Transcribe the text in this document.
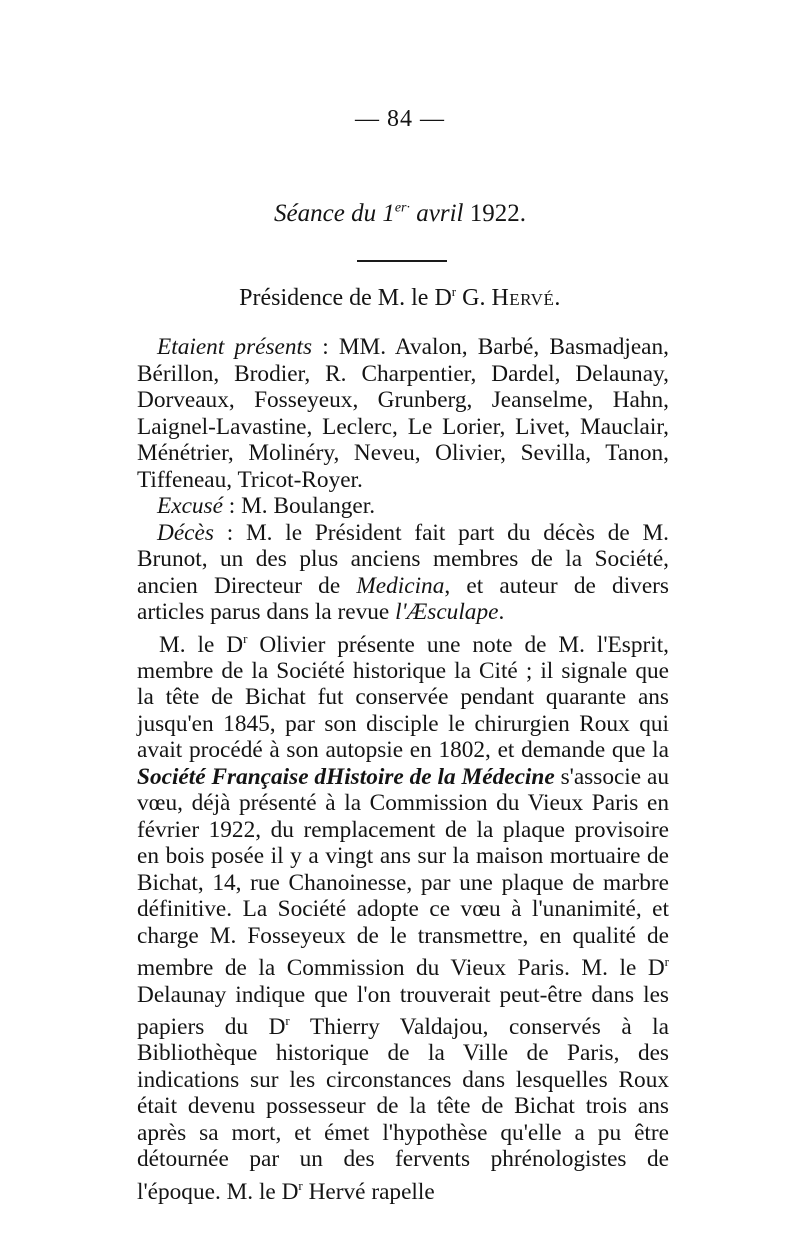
— 84 —
Séance du $1^{er\cdot}$ avril 1922.
Présidence de M. le $D^r$ G. Hervé.

Etaient présents : MM. Avalon, Barbé, Basmadjean, Bérillon, Brodier, R. Charpentier, Dardel, Delaunay, Dorveaux, Fosseyeux, Grunberg, Jeanselme, Hahn, Laignel-Lavastine, Leclerc, Le Lorier, Livet, Mauclair, Ménétrier, Molinéry, Neveu, Olivier, Sevilla, Tanon, Tiffeneau, Tricot-Royer.

Excusé : M. Boulanger.

Décès : M. le Président fait part du décès de M. Brunot, un des plus anciens membres de la Société, ancien Directeur de Medicina, et auteur de divers articles parus dans la revue l'Æsculape.

M. le $D^r$ Olivier présente une note de M. l'Esprit, membre de la Société historique la Cité ; il signale que la tête de Bichat fut conservée pendant quarante ans jusqu'en 1845, par son disciple le chirurgien Roux qui avait procédé à son autopsie en 1802, et demande que la Société Française dHistoire de la Médecine s'associe au vœu, déjà présenté à la Commission du Vieux Paris en février 1922, du remplacement de la plaque provisoire en bois posée il y a vingt ans sur la maison mortuaire de Bichat, 14, rue Chanoinesse, par une plaque de marbre définitive. La Société adopte ce vœu à l'unanimité, et charge M. Fosseyeux de le transmettre, en qualité de membre de la Commission du Vieux Paris. M. le $D^r$ Delaunay indique que l'on trouverait peut-être dans les papiers du $D^r$ Thierry Valdajou, conservés à la Bibliothèque historique de la Ville de Paris, des indications sur les circonstances dans lesquelles Roux était devenu possesseur de la tête de Bichat trois ans après sa mort, et émet l'hypothèse qu'elle a pu être détournée par un des fervents phrénologistes de l'époque. M. le $D^r$ Hervé rapelle
